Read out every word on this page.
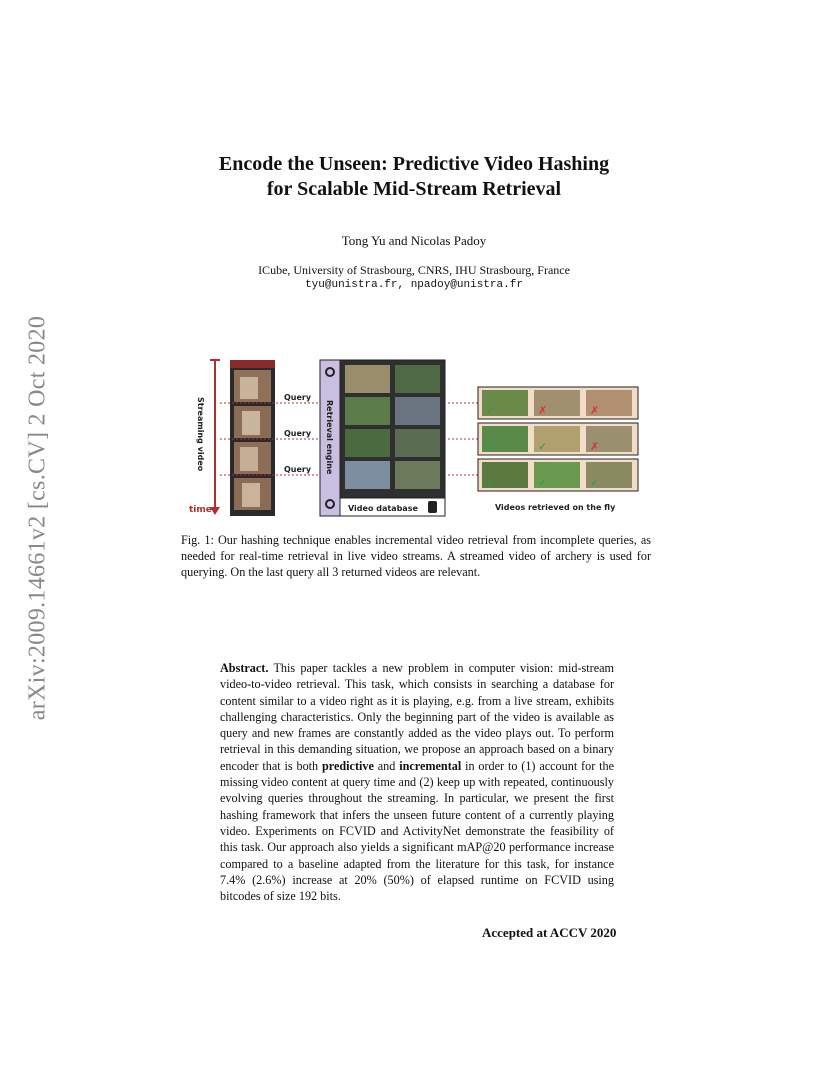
arXiv:2009.14661v2 [cs.CV] 2 Oct 2020
Encode the Unseen: Predictive Video Hashing
for Scalable Mid-Stream Retrieval
Tong Yu and Nicolas Padoy
ICube, University of Strasbourg, CNRS, IHU Strasbourg, France
tyu@unistra.fr, npadoy@unistra.fr
Streaming video
time
Query
Query
Query Retrieval engine
Video database
✓	✗	✗
✓	✓	✗
✓	✓	✓
Videos retrieved on the fly
Fig. 1: Our hashing technique enables incremental video retrieval from incomplete queries, as needed for real-time retrieval in live video streams. A streamed video of archery is used for querying. On the last query all 3 returned videos are relevant.
Abstract. This paper tackles a new problem in computer vision: mid-stream video-to-video retrieval. This task, which consists in searching a database for content similar to a video right as it is playing, e.g. from a live stream, exhibits challenging characteristics. Only the beginning part of the video is available as query and new frames are constantly added as the video plays out. To perform retrieval in this demanding situation, we propose an approach based on a binary encoder that is both predictive and incremental in order to (1) account for the missing video content at query time and (2) keep up with repeated, continuously evolving queries throughout the streaming. In particular, we present the first hashing framework that infers the unseen future content of a currently playing video. Experiments on FCVID and ActivityNet demonstrate the feasibility of this task. Our approach also yields a significant mAP@20 performance increase compared to a baseline adapted from the literature for this task, for instance 7.4% (2.6%) increase at 20% (50%) of elapsed runtime on FCVID using bitcodes of size 192 bits.
Accepted at ACCV 2020
